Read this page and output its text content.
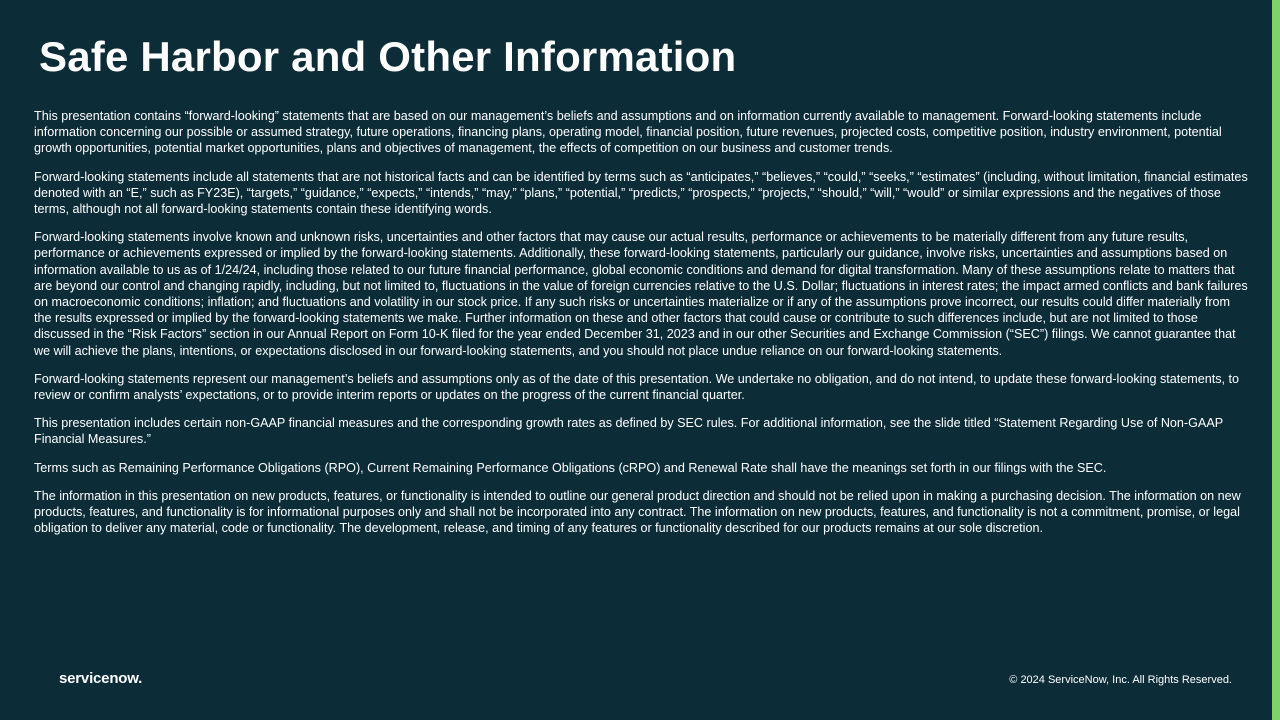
Safe Harbor and Other Information

This presentation contains “forward-looking” statements that are based on our management’s beliefs and assumptions and on information currently available to management. Forward-looking statements include information concerning our possible or assumed strategy, future operations, financing plans, operating model, financial position, future revenues, projected costs, competitive position, industry environment, potential growth opportunities, potential market opportunities, plans and objectives of management, the effects of competition on our business and customer trends.

Forward-looking statements include all statements that are not historical facts and can be identified by terms such as “anticipates,” “believes,” “could,” “seeks,” “estimates” (including, without limitation, financial estimates denoted with an “E,” such as FY23E), “targets,” “guidance,” “expects,” “intends,” “may,” “plans,” “potential,” “predicts,” “prospects,” “projects,” “should,” “will,” “would” or similar expressions and the negatives of those terms, although not all forward-looking statements contain these identifying words.

Forward-looking statements involve known and unknown risks, uncertainties and other factors that may cause our actual results, performance or achievements to be materially different from any future results, performance or achievements expressed or implied by the forward-looking statements. Additionally, these forward-looking statements, particularly our guidance, involve risks, uncertainties and assumptions based on information available to us as of 1/24/24, including those related to our future financial performance, global economic conditions and demand for digital transformation. Many of these assumptions relate to matters that are beyond our control and changing rapidly, including, but not limited to, fluctuations in the value of foreign currencies relative to the U.S. Dollar; fluctuations in interest rates; the impact armed conflicts and bank failures on macroeconomic conditions; inflation; and fluctuations and volatility in our stock price. If any such risks or uncertainties materialize or if any of the assumptions prove incorrect, our results could differ materially from the results expressed or implied by the forward-looking statements we make. Further information on these and other factors that could cause or contribute to such differences include, but are not limited to those discussed in the “Risk Factors” section in our Annual Report on Form 10-K filed for the year ended December 31, 2023 and in our other Securities and Exchange Commission (“SEC”) filings. We cannot guarantee that we will achieve the plans, intentions, or expectations disclosed in our forward-looking statements, and you should not place undue reliance on our forward-looking statements.

Forward-looking statements represent our management’s beliefs and assumptions only as of the date of this presentation. We undertake no obligation, and do not intend, to update these forward-looking statements, to review or confirm analysts’ expectations, or to provide interim reports or updates on the progress of the current financial quarter.

This presentation includes certain non-GAAP financial measures and the corresponding growth rates as defined by SEC rules. For additional information, see the slide titled “Statement Regarding Use of Non-GAAP Financial Measures.”

Terms such as Remaining Performance Obligations (RPO), Current Remaining Performance Obligations (cRPO) and Renewal Rate shall have the meanings set forth in our filings with the SEC.

The information in this presentation on new products, features, or functionality is intended to outline our general product direction and should not be relied upon in making a purchasing decision. The information on new products, features, and functionality is for informational purposes only and shall not be incorporated into any contract. The information on new products, features, and functionality is not a commitment, promise, or legal obligation to deliver any material, code or functionality. The development, release, and timing of any features or functionality described for our products remains at our sole discretion.

servicenow.	© 2024 ServiceNow, Inc. All Rights Reserved.
